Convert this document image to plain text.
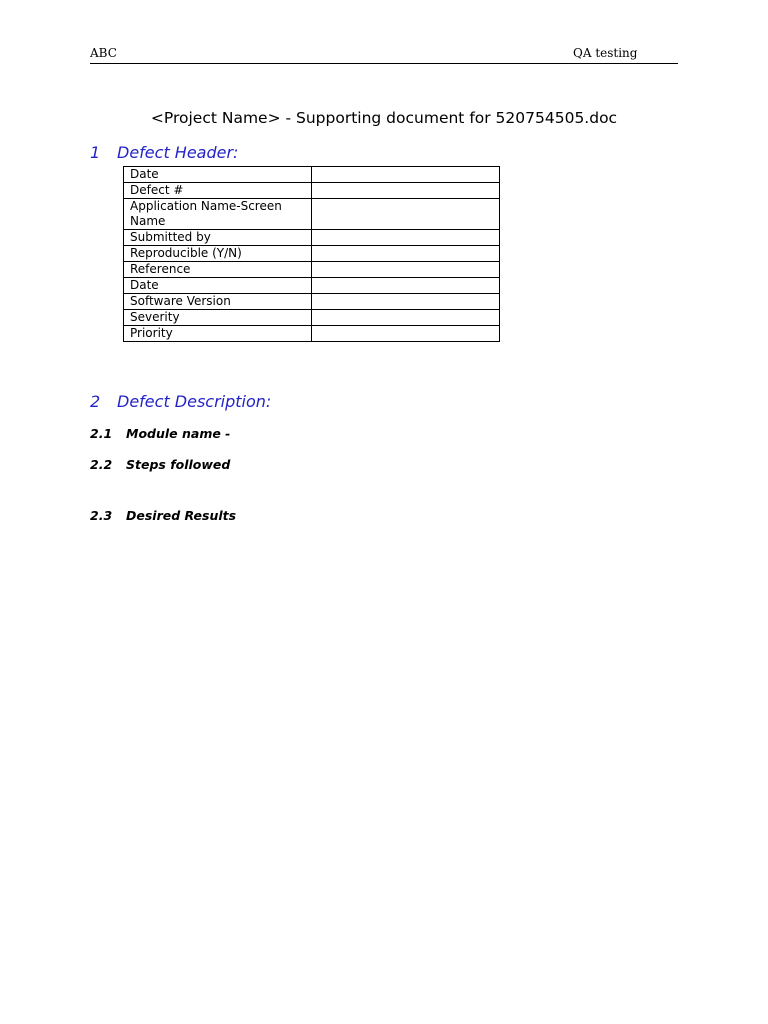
ABC	QA testing
<Project Name> - Supporting document for 520754505.doc
1 Defect Header:
Date	
Defect #	
Application Name-Screen Name	
Submitted by	
Reproducible (Y/N)	
Reference	
Date	
Software Version	
Severity	
Priority	
2 Defect Description:
2.1 Module name -
2.2 Steps followed
2.3 Desired Results
